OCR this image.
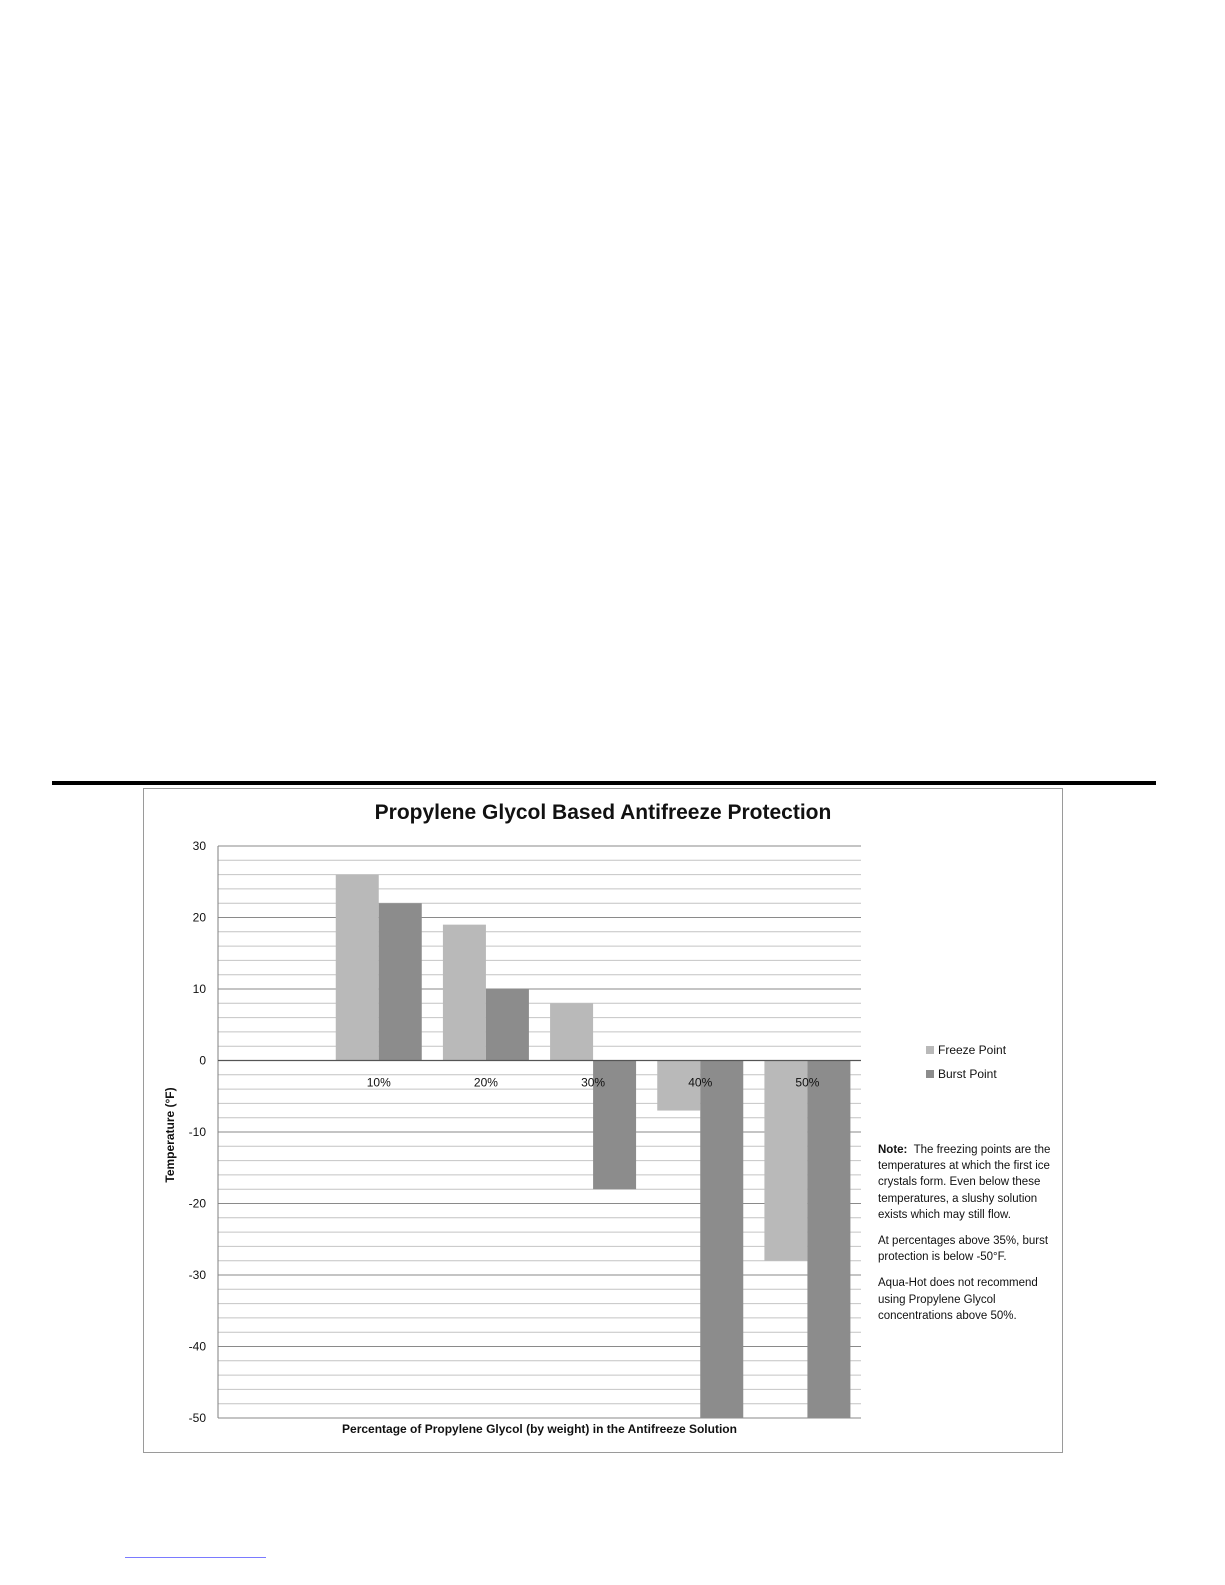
Propylene Glycol Based Antifreeze Protection
30
20
10
0
-10
-20
-30
-40
-50
10%	20%	30%	40%	50%
Percentage of Propylene Glycol (by weight) in the Antifreeze Solution
Temperature (°F)
Freeze Point
Burst Point

Note: The freezing points are the temperatures at which the first ice crystals form. Even below these temperatures, a slushy solution exists which may still flow.

At percentages above 35%, burst protection is below -50°F.

Aqua-Hot does not recommend using Propylene Glycol concentrations above 50%.
